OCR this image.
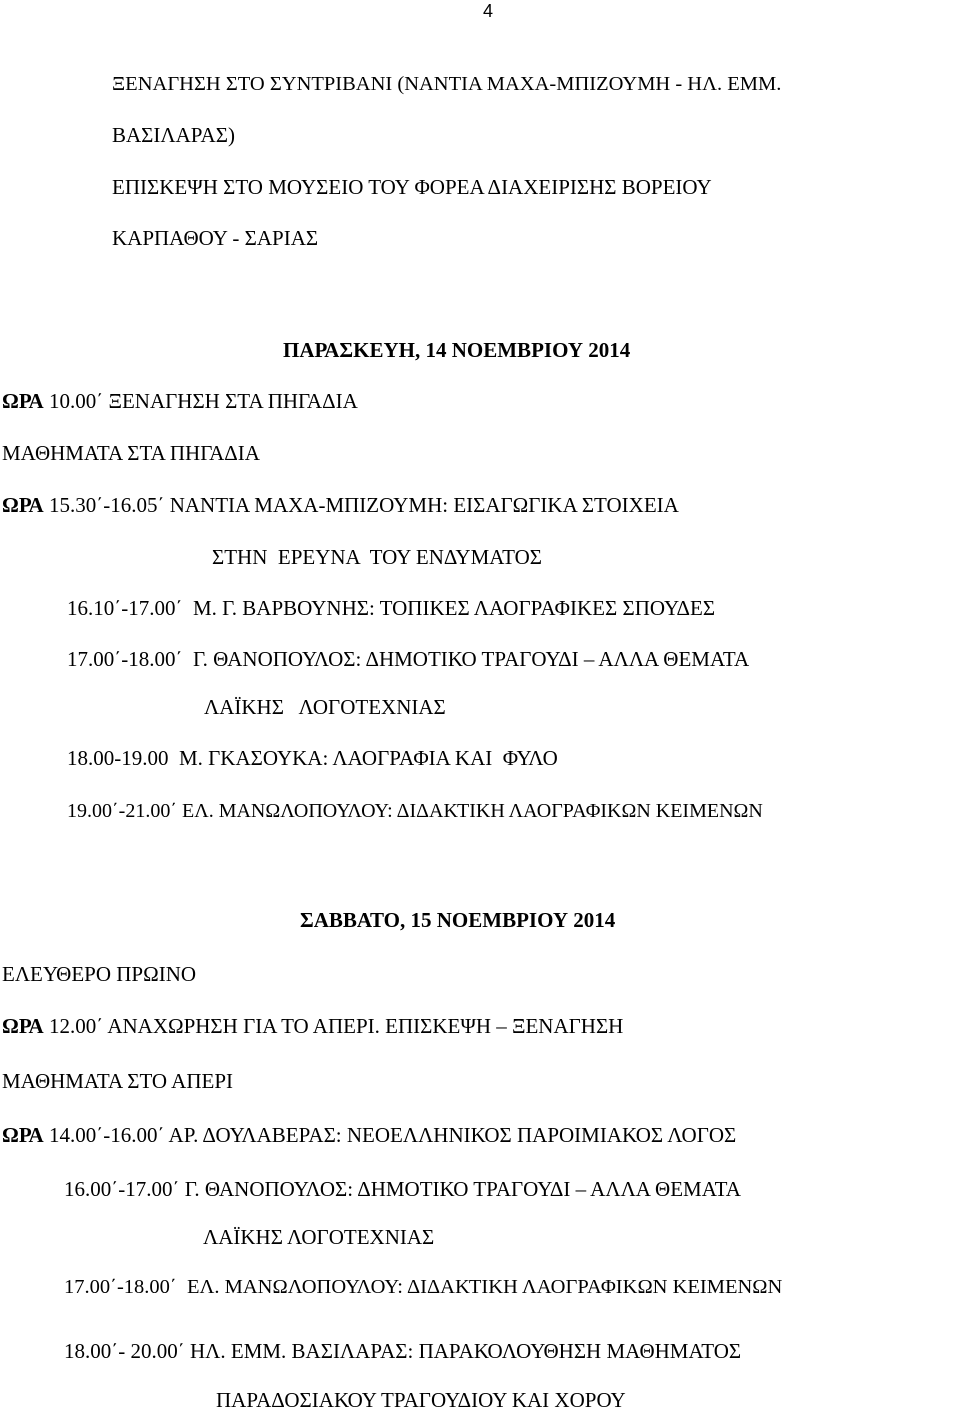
4

ΞΕΝΑΓΗΣΗ ΣΤΟ ΣΥΝΤΡΙΒΑΝΙ (ΝΑΝΤΙΑ ΜΑΧΑ-ΜΠΙΖΟΥΜΗ - ΗΛ. ΕΜΜ.

ΒΑΣΙΛΑΡΑΣ)

ΕΠΙΣΚΕΨΗ ΣΤΟ ΜΟΥΣΕΙΟ ΤΟΥ ΦΟΡΕΑ ΔΙΑΧΕΙΡΙΣΗΣ ΒΟΡΕΙΟΥ

ΚΑΡΠΑΘΟΥ - ΣΑΡΙΑΣ

ΠΑΡΑΣΚΕΥΗ, 14 ΝΟΕΜΒΡΙΟΥ 2014

ΩΡΑ 10.00΄ ΞΕΝΑΓΗΣΗ ΣΤΑ ΠΗΓΑΔΙΑ

ΜΑΘΗΜΑΤΑ ΣΤΑ ΠΗΓΑΔΙΑ

ΩΡΑ 15.30΄-16.05΄ ΝΑΝΤΙΑ ΜΑΧΑ-ΜΠΙΖΟΥΜΗ: ΕΙΣΑΓΩΓΙΚΑ ΣΤΟΙΧΕΙΑ

ΣΤΗΝ  ΕΡΕΥΝΑ  ΤΟΥ ΕΝΔΥΜΑΤΟΣ

16.10΄-17.00΄  Μ. Γ. ΒΑΡΒΟΥΝΗΣ: ΤΟΠΙΚΕΣ ΛΑΟΓΡΑΦΙΚΕΣ ΣΠΟΥΔΕΣ

17.00΄-18.00΄  Γ. ΘΑΝΟΠΟΥΛΟΣ: ΔΗΜΟΤΙΚΟ ΤΡΑΓΟΥΔΙ – ΑΛΛΑ ΘΕΜΑΤΑ

ΛΑΪΚΗΣ   ΛΟΓΟΤΕΧΝΙΑΣ

18.00-19.00  Μ. ΓΚΑΣΟΥΚΑ: ΛΑΟΓΡΑΦΙΑ ΚΑΙ  ΦΥΛΟ

19.00΄-21.00΄ ΕΛ. ΜΑΝΩΛΟΠΟΥΛΟΥ: ΔΙΔΑΚΤΙΚΗ ΛΑΟΓΡΑΦΙΚΩΝ ΚΕΙΜΕΝΩΝ

ΣΑΒΒΑΤΟ, 15 ΝΟΕΜΒΡΙΟΥ 2014

ΕΛΕΥΘΕΡΟ ΠΡΩΙΝΟ

ΩΡΑ 12.00΄ ΑΝΑΧΩΡΗΣΗ ΓΙΑ ΤΟ ΑΠΕΡΙ. ΕΠΙΣΚΕΨΗ – ΞΕΝΑΓΗΣΗ

ΜΑΘΗΜΑΤΑ ΣΤΟ ΑΠΕΡΙ

ΩΡΑ 14.00΄-16.00΄ ΑΡ. ΔΟΥΛΑΒΕΡΑΣ: ΝΕΟΕΛΛΗΝΙΚΟΣ ΠΑΡΟΙΜΙΑΚΟΣ ΛΟΓΟΣ

16.00΄-17.00΄ Γ. ΘΑΝΟΠΟΥΛΟΣ: ΔΗΜΟΤΙΚΟ ΤΡΑΓΟΥΔΙ – ΑΛΛΑ ΘΕΜΑΤΑ

ΛΑΪΚΗΣ ΛΟΓΟΤΕΧΝΙΑΣ

17.00΄-18.00΄  ΕΛ. ΜΑΝΩΛΟΠΟΥΛΟΥ: ΔΙΔΑΚΤΙΚΗ ΛΑΟΓΡΑΦΙΚΩΝ ΚΕΙΜΕΝΩΝ

18.00΄- 20.00΄ ΗΛ. ΕΜΜ. ΒΑΣΙΛΑΡΑΣ: ΠΑΡΑΚΟΛΟΥΘΗΣΗ ΜΑΘΗΜΑΤΟΣ

ΠΑΡΑΔΟΣΙΑΚΟΥ ΤΡΑΓΟΥΔΙΟΥ ΚΑΙ ΧΟΡΟΥ
